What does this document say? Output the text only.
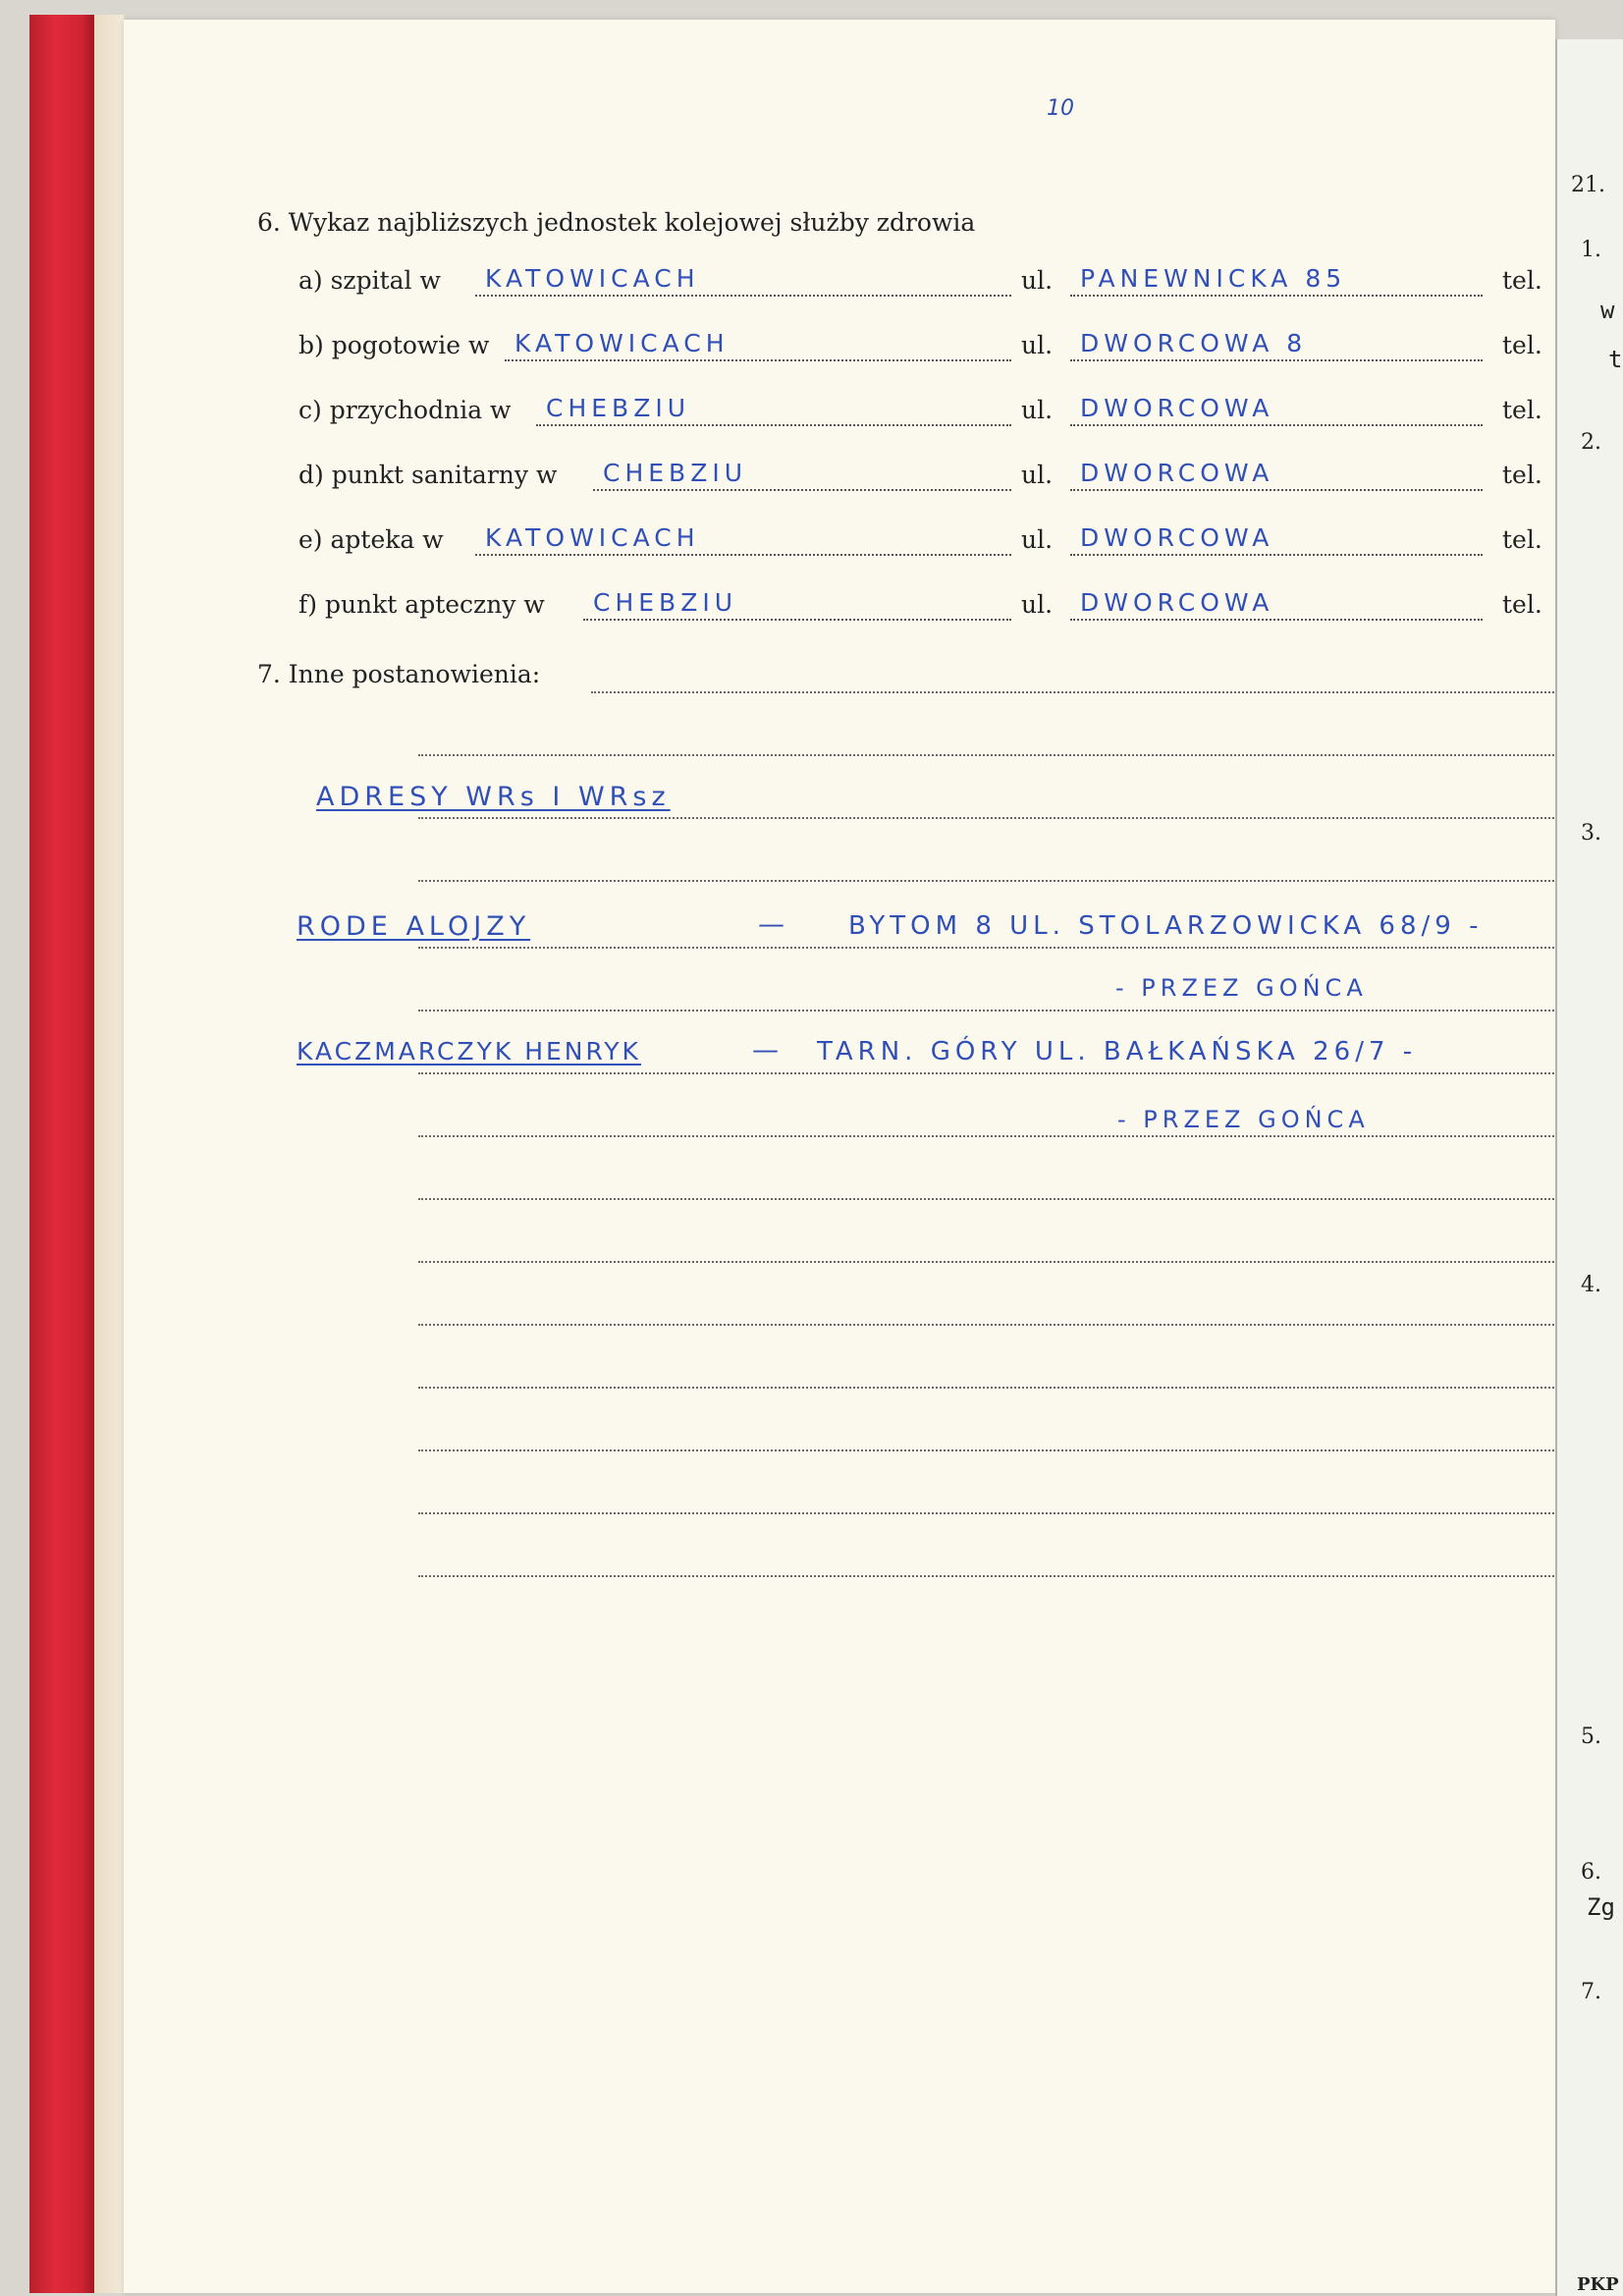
10
6. Wykaz najbliższych jednostek kolejowej służby zdrowia
a) szpital w KATOWICACH	ul. PANEWNICKA 85	tel.
b) pogotowie w KATOWICACH	ul. DWORCOWA 8	tel.
c) przychodnia w CHEBZIU	ul. DWORCOWA	tel.
d) punkt sanitarny w CHEBZIU	ul. DWORCOWA	tel.
e) apteka w KATOWICACH	ul. DWORCOWA	tel.
f) punkt apteczny w CHEBZIU	ul. DWORCOWA	tel.
7. Inne postanowienia:
ADRESY WRs I WRsz
RODE ALOJZY	— BYTOM 8 UL. STOLARZOWICKA 68/9 -
- PRZEZ GOŃCA
KACZMARCZYK HENRYK	— TARN. GÓRY UL. BAŁKAŃSKA 26/7 -
- PRZEZ GOŃCA
21.
1.
w
t
2.
3.
4.
5.
6.
Zg
7.
PKP
